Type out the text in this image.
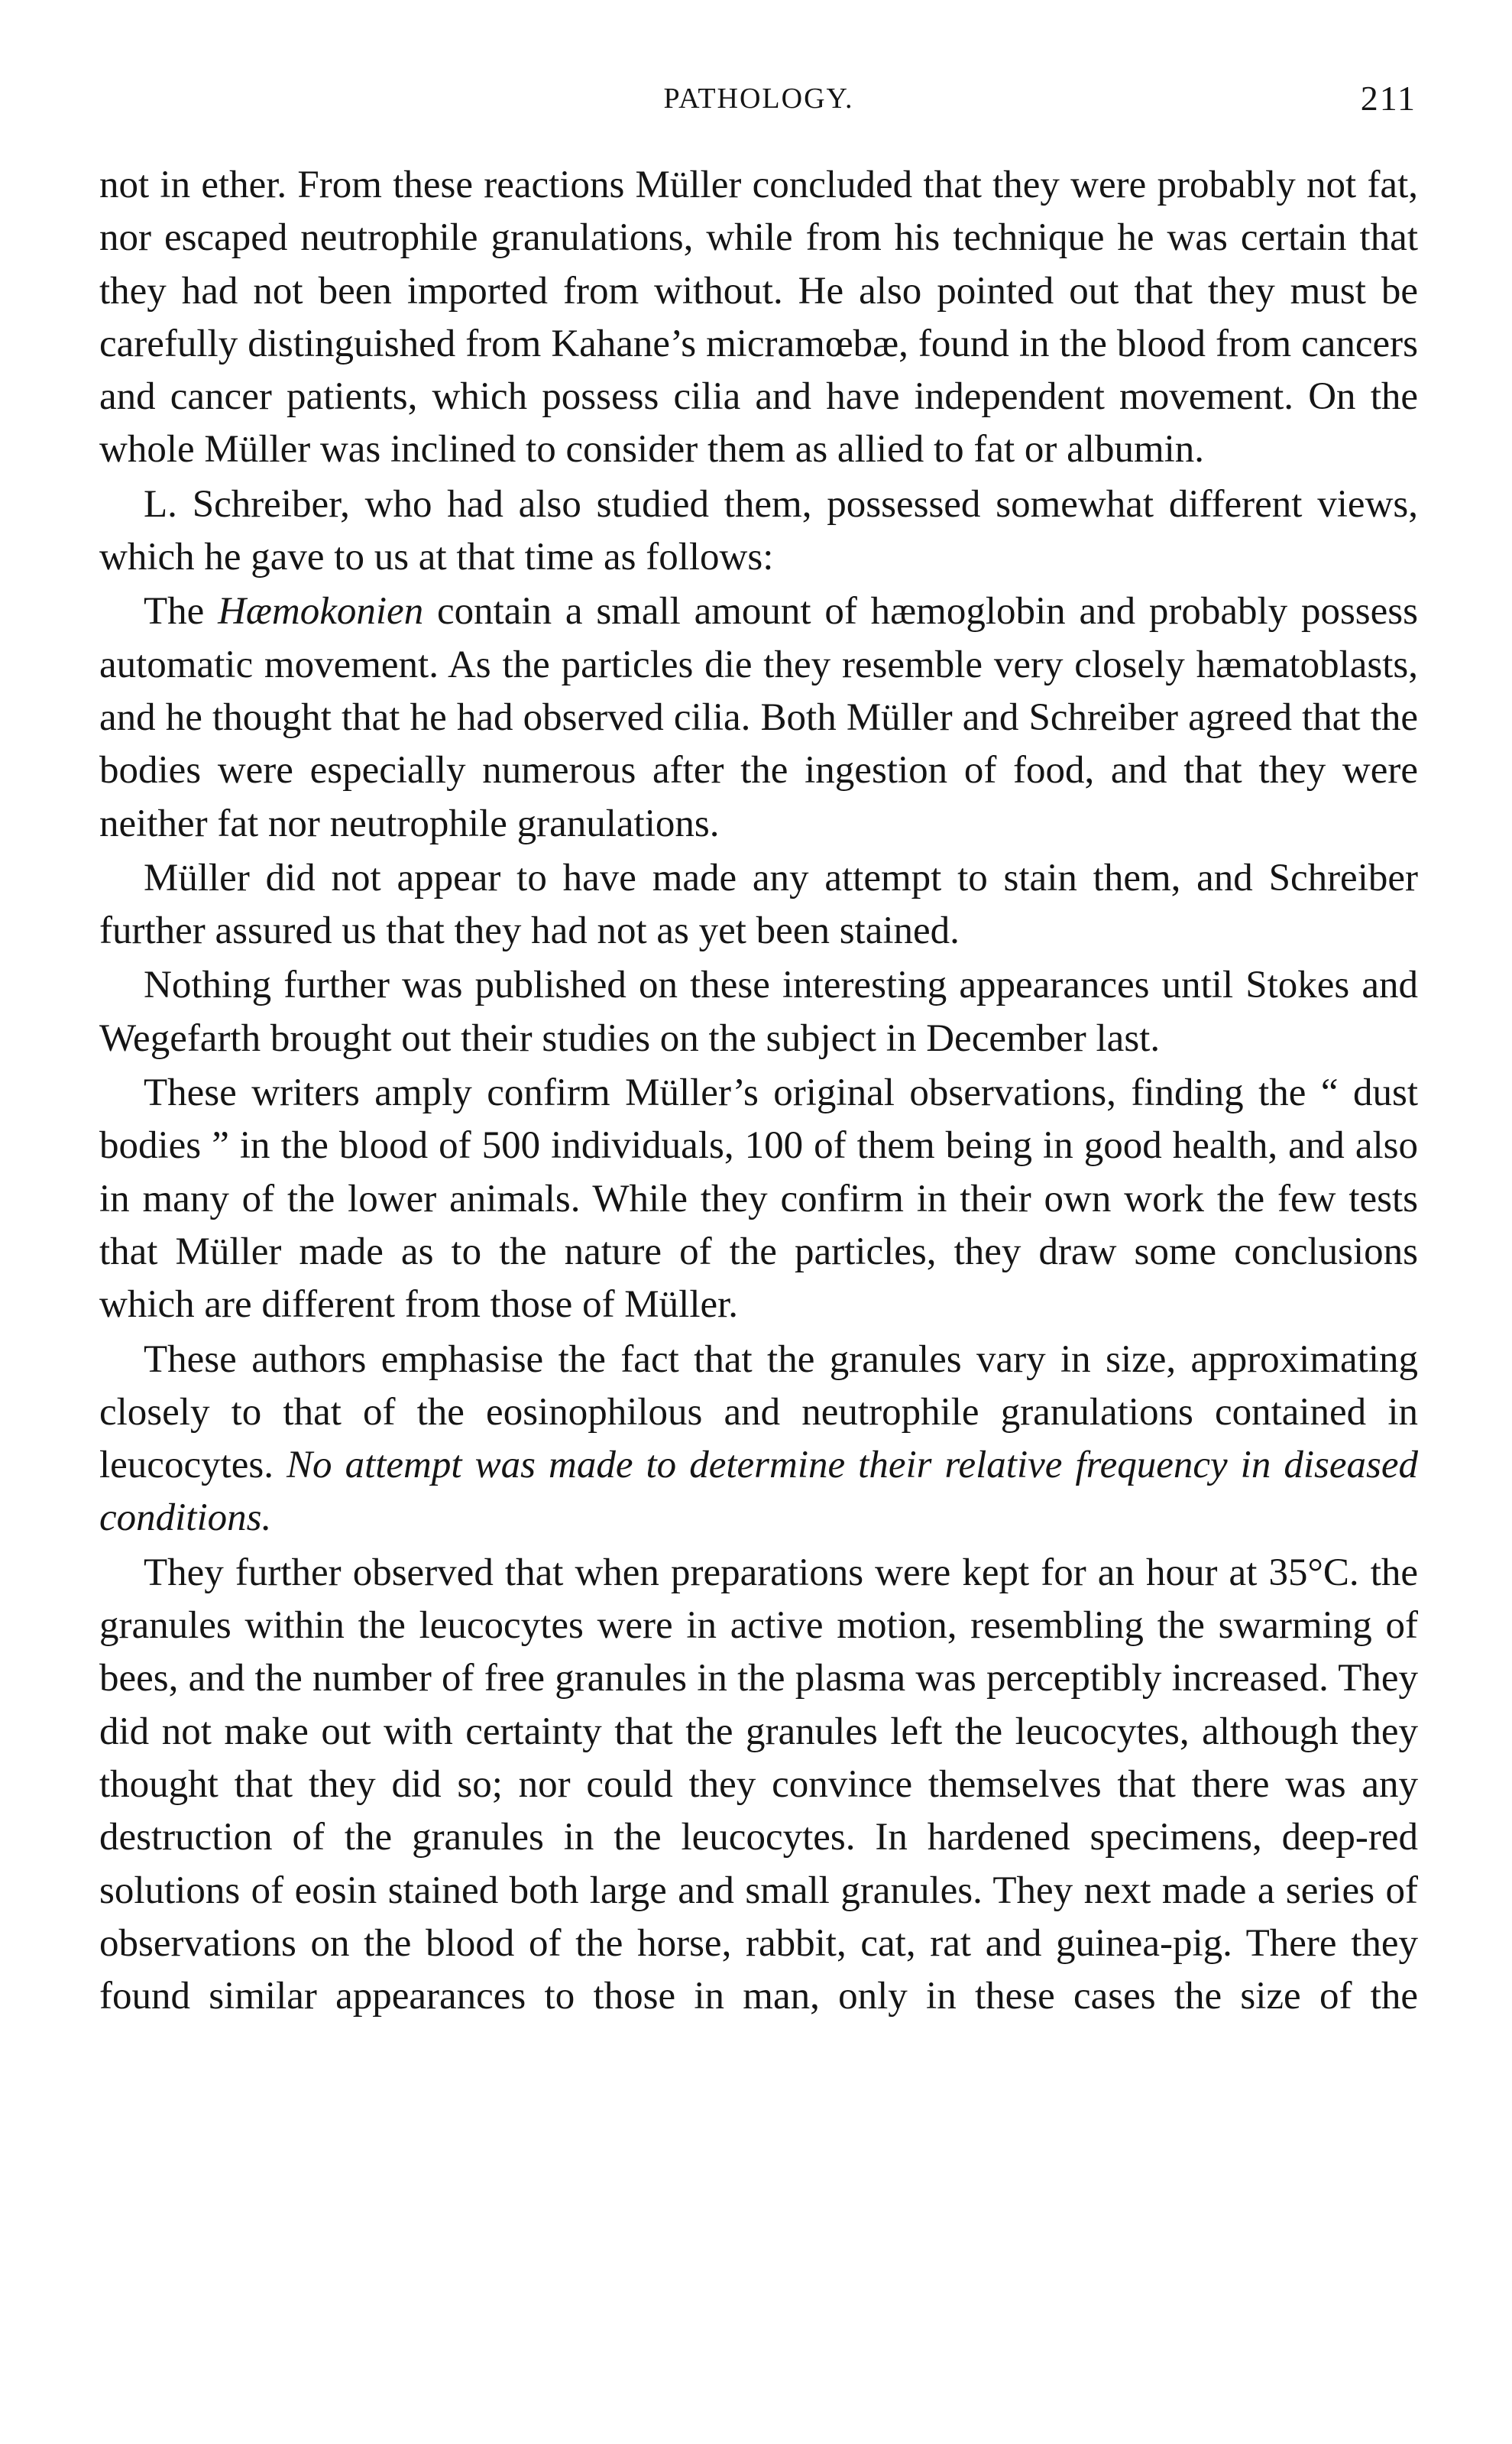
PATHOLOGY.	211

not in ether. From these reactions Müller concluded that they were probably not fat, nor escaped neutrophile granulations, while from his technique he was certain that they had not been imported from without. He also pointed out that they must be carefully distinguished from Kahane’s micramœbæ, found in the blood from cancers and cancer patients, which possess cilia and have independent movement. On the whole Müller was inclined to consider them as allied to fat or albumin.

L. Schreiber, who had also studied them, possessed somewhat different views, which he gave to us at that time as follows:

The Hæmokonien contain a small amount of hæmoglobin and probably possess automatic movement. As the particles die they resemble very closely hæmatoblasts, and he thought that he had observed cilia. Both Müller and Schreiber agreed that the bodies were especially numerous after the ingestion of food, and that they were neither fat nor neutrophile granulations.

Müller did not appear to have made any attempt to stain them, and Schreiber further assured us that they had not as yet been stained.

Nothing further was published on these interesting appearances until Stokes and Wegefarth brought out their studies on the subject in December last.

These writers amply confirm Müller’s original observations, finding the “ dust bodies ” in the blood of 500 individuals, 100 of them being in good health, and also in many of the lower animals. While they confirm in their own work the few tests that Müller made as to the nature of the particles, they draw some conclusions which are different from those of Müller.

These authors emphasise the fact that the granules vary in size, approximating closely to that of the eosinophilous and neutrophile granulations contained in leucocytes. No attempt was made to determine their relative frequency in diseased conditions.

They further observed that when preparations were kept for an hour at 35°C. the granules within the leucocytes were in active motion, resembling the swarming of bees, and the number of free granules in the plasma was perceptibly increased. They did not make out with certainty that the granules left the leucocytes, although they thought that they did so; nor could they convince themselves that there was any destruction of the granules in the leucocytes. In hardened specimens, deep-red solutions of eosin stained both large and small granules. They next made a series of observations on the blood of the horse, rabbit, cat, rat and guinea-pig. There they found similar appearances to those in man, only in these cases the size of the
